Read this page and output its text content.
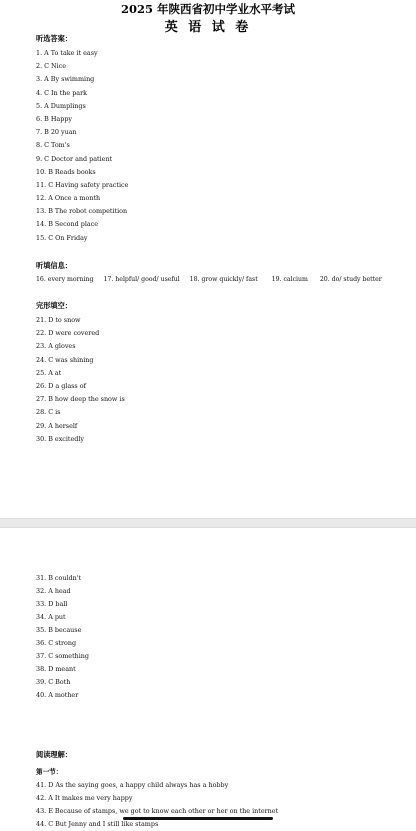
2025 年陕西省初中学业水平考试
英 语 试 卷
听选答案：
1. A To take it easy
2. C Nice
3. A By swimming
4. C In the park
5. A Dumplings
6. B Happy
7. B 20 yuan
8. C Tom's
9. C Doctor and patient
10. B Reads books
11. C Having safety practice
12. A Once a month
13. B The robot competition
14. B Second place
15. C On Friday
听填信息：
16. every morning 17. helpful/ good/ useful 18. grow quickly/ fast 19. calcium 20. do/ study better
完形填空：
21. D to snow
22. D were covered
23. A gloves
24. C was shining
25. A at
26. D a glass of
27. B how deep the snow is
28. C is
29. A herself
30. B excitedly
31. B couldn't
32. A head
33. D ball
34. A put
35. B because
36. C strong
37. C something
38. D meant
39. C Both
40. A mother
阅读理解：
第一节：
41. D As the saying goes, a happy child always has a hobby
42. A It makes me very happy
43. E Because of stamps, we got to know each other or her on the internet
44. C But Jenny and I still like stamps
